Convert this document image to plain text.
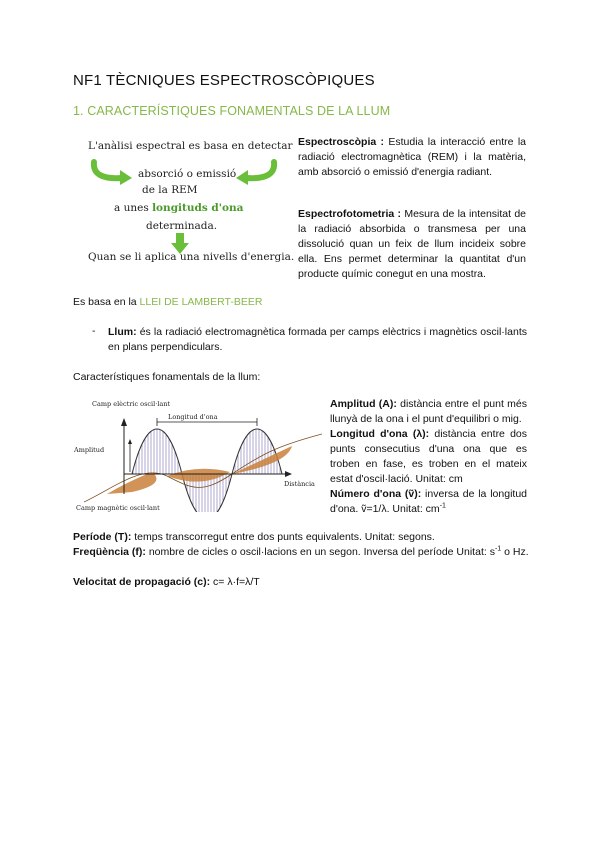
NF1 TÈCNIQUES ESPECTROSCÒPIQUES
1. CARACTERÍSTIQUES FONAMENTALS DE LA LLUM
L'anàlisi espectral es basa en detectar
absorció o emissió
de la REM
a unes longituds d'ona
determinada.
Quan se li aplica una nivells d'energia.
Espectroscòpia : Estudia la interacció entre la radiació electromagnètica (REM) i la matèria, amb absorció o emissió d'energia radiant.
Espectrofotometria : Mesura de la intensitat de la radiació absorbida o transmesa per una dissolució quan un feix de llum incideix sobre ella. Ens permet determinar la quantitat d'un producte químic conegut en una mostra.
Es basa en la LLEI DE LAMBERT-BEER
- Llum: és la radiació electromagnètica formada per camps elèctrics i magnètics oscil·lants en plans perpendiculars.
Característiques fonamentals de la llum:
Camp elèctric oscil·lant
Longitud d'ona
Amplitud
Distància
Camp magnètic oscil·lant
Amplitud (A): distància entre el punt més llunyà de la ona i el punt d'equilibri o mig.
Longitud d'ona (λ): distància entre dos punts consecutius d'una ona que es troben en fase, es troben en el mateix estat d'oscil·lació. Unitat: cm
Número d'ona (ṽ): inversa de la longitud d'ona. ṽ=1/λ. Unitat: $cm^{-1}$
Període (T): temps transcorregut entre dos punts equivalents. Unitat: segons.
Freqüència (f): nombre de cicles o oscil·lacions en un segon. Inversa del període Unitat: $s^{-1}$ o Hz.
Velocitat de propagació (c): c= λ·f=λ/T
